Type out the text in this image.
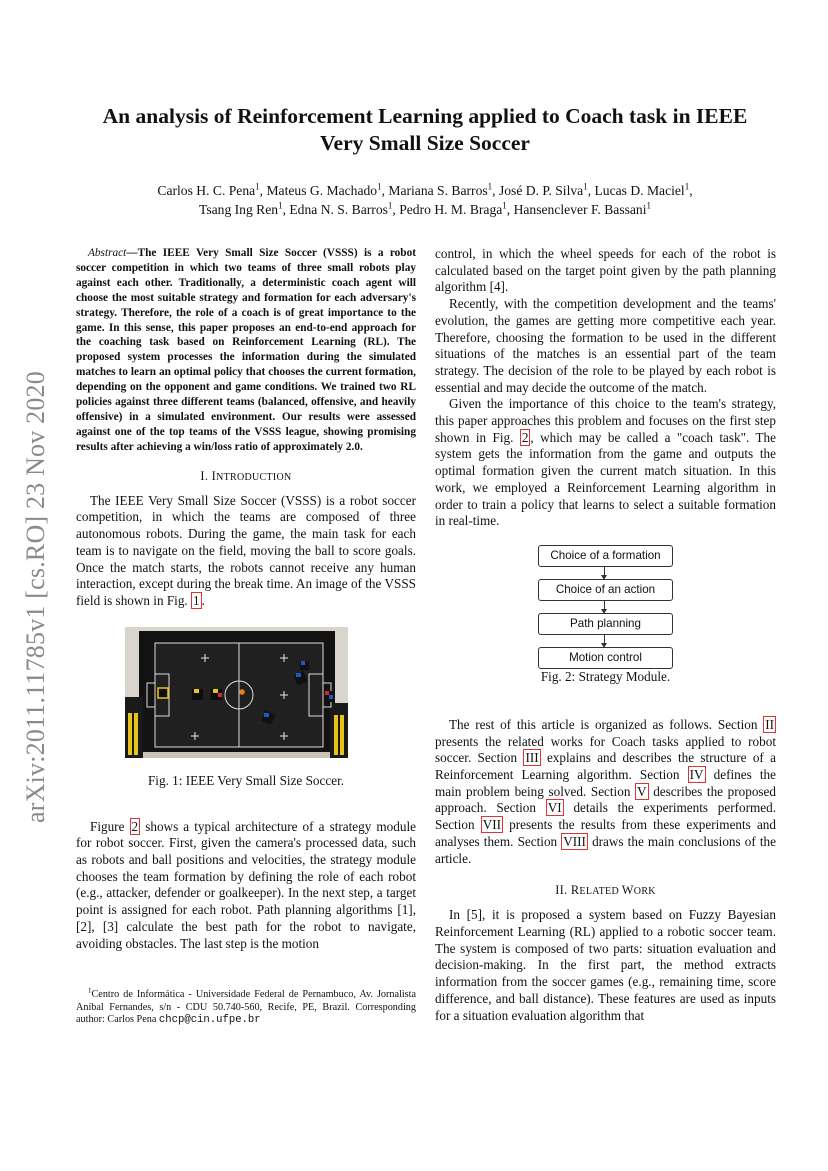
arXiv:2011.11785v1 [cs.RO] 23 Nov 2020
An analysis of Reinforcement Learning applied to Coach task in IEEE
Very Small Size Soccer
Carlos H. C. Pena$^1$, Mateus G. Machado$^1$, Mariana S. Barros$^1$, José D. P. Silva$^1$, Lucas D. Maciel$^1$,
Tsang Ing Ren$^1$, Edna N. S. Barros$^1$, Pedro H. M. Braga$^1$, Hansenclever F. Bassani$^1$

Abstract—The IEEE Very Small Size Soccer (VSSS) is a robot soccer competition in which two teams of three small robots play against each other. Traditionally, a deterministic coach agent will choose the most suitable strategy and formation for each adversary's strategy. Therefore, the role of a coach is of great importance to the game. In this sense, this paper proposes an end-to-end approach for the coaching task based on Reinforcement Learning (RL). The proposed system processes the information during the simulated matches to learn an optimal policy that chooses the current formation, depending on the opponent and game conditions. We trained two RL policies against three different teams (balanced, offensive, and heavily offensive) in a simulated environment. Our results were assessed against one of the top teams of the VSSS league, showing promising results after achieving a win/loss ratio of approximately 2.0.

I. INTRODUCTION

The IEEE Very Small Size Soccer (VSSS) is a robot soccer competition, in which the teams are composed of three autonomous robots. During the game, the main task for each team is to navigate on the field, moving the ball to score goals. Once the match starts, the robots cannot receive any human interaction, except during the break time. An image of the VSSS field is shown in Fig. 1 .

Fig. 1: IEEE Very Small Size Soccer.

Figure 2 shows a typical architecture of a strategy module for robot soccer. First, given the camera's processed data, such as robots and ball positions and velocities, the strategy module chooses the team formation by defining the role of each robot (e.g., attacker, defender or goalkeeper). In the next step, a target point is assigned for each robot. Path planning algorithms [1], [2], [3] calculate the best path for the robot to navigate, avoiding obstacles. The last step is the motion

$^1$Centro de Informática - Universidade Federal de Pernambuco, Av. Jornalista Aníbal Fernandes, s/n - CDU 50.740-560, Recife, PE, Brazil. Corresponding author: Carlos Pena chcp@cin.ufpe.br

control, in which the wheel speeds for each of the robot is calculated based on the target point given by the path planning algorithm [4].

Recently, with the competition development and the teams' evolution, the games are getting more competitive each year. Therefore, choosing the formation to be used in the different situations of the matches is an essential part of the team strategy. The decision of the role to be played by each robot is essential and may decide the outcome of the match.

Given the importance of this choice to the team's strategy, this paper approaches this problem and focuses on the first step shown in Fig. 2 , which may be called a "coach task". The system gets the information from the game and outputs the optimal formation given the current match situation. In this work, we employed a Reinforcement Learning algorithm in order to train a policy that learns to select a suitable formation in real-time.

Choice of a formation
Choice of an action
Path planning
Motion control
Fig. 2: Strategy Module.

The rest of this article is organized as follows. Section II presents the related works for Coach tasks applied to robot soccer. Section III explains and describes the structure of a Reinforcement Learning algorithm. Section IV defines the main problem being solved. Section V describes the proposed approach. Section VI details the experiments performed. Section VII presents the results from these experiments and analyses them. Section VIII draws the main conclusions of the article.

II. RELATED WORK

In [5], it is proposed a system based on Fuzzy Bayesian Reinforcement Learning (RL) applied to a robotic soccer team. The system is composed of two parts: situation evaluation and decision-making. In the first part, the method extracts information from the soccer games (e.g., remaining time, score difference, and ball distance). These features are used as inputs for a situation evaluation algorithm that
